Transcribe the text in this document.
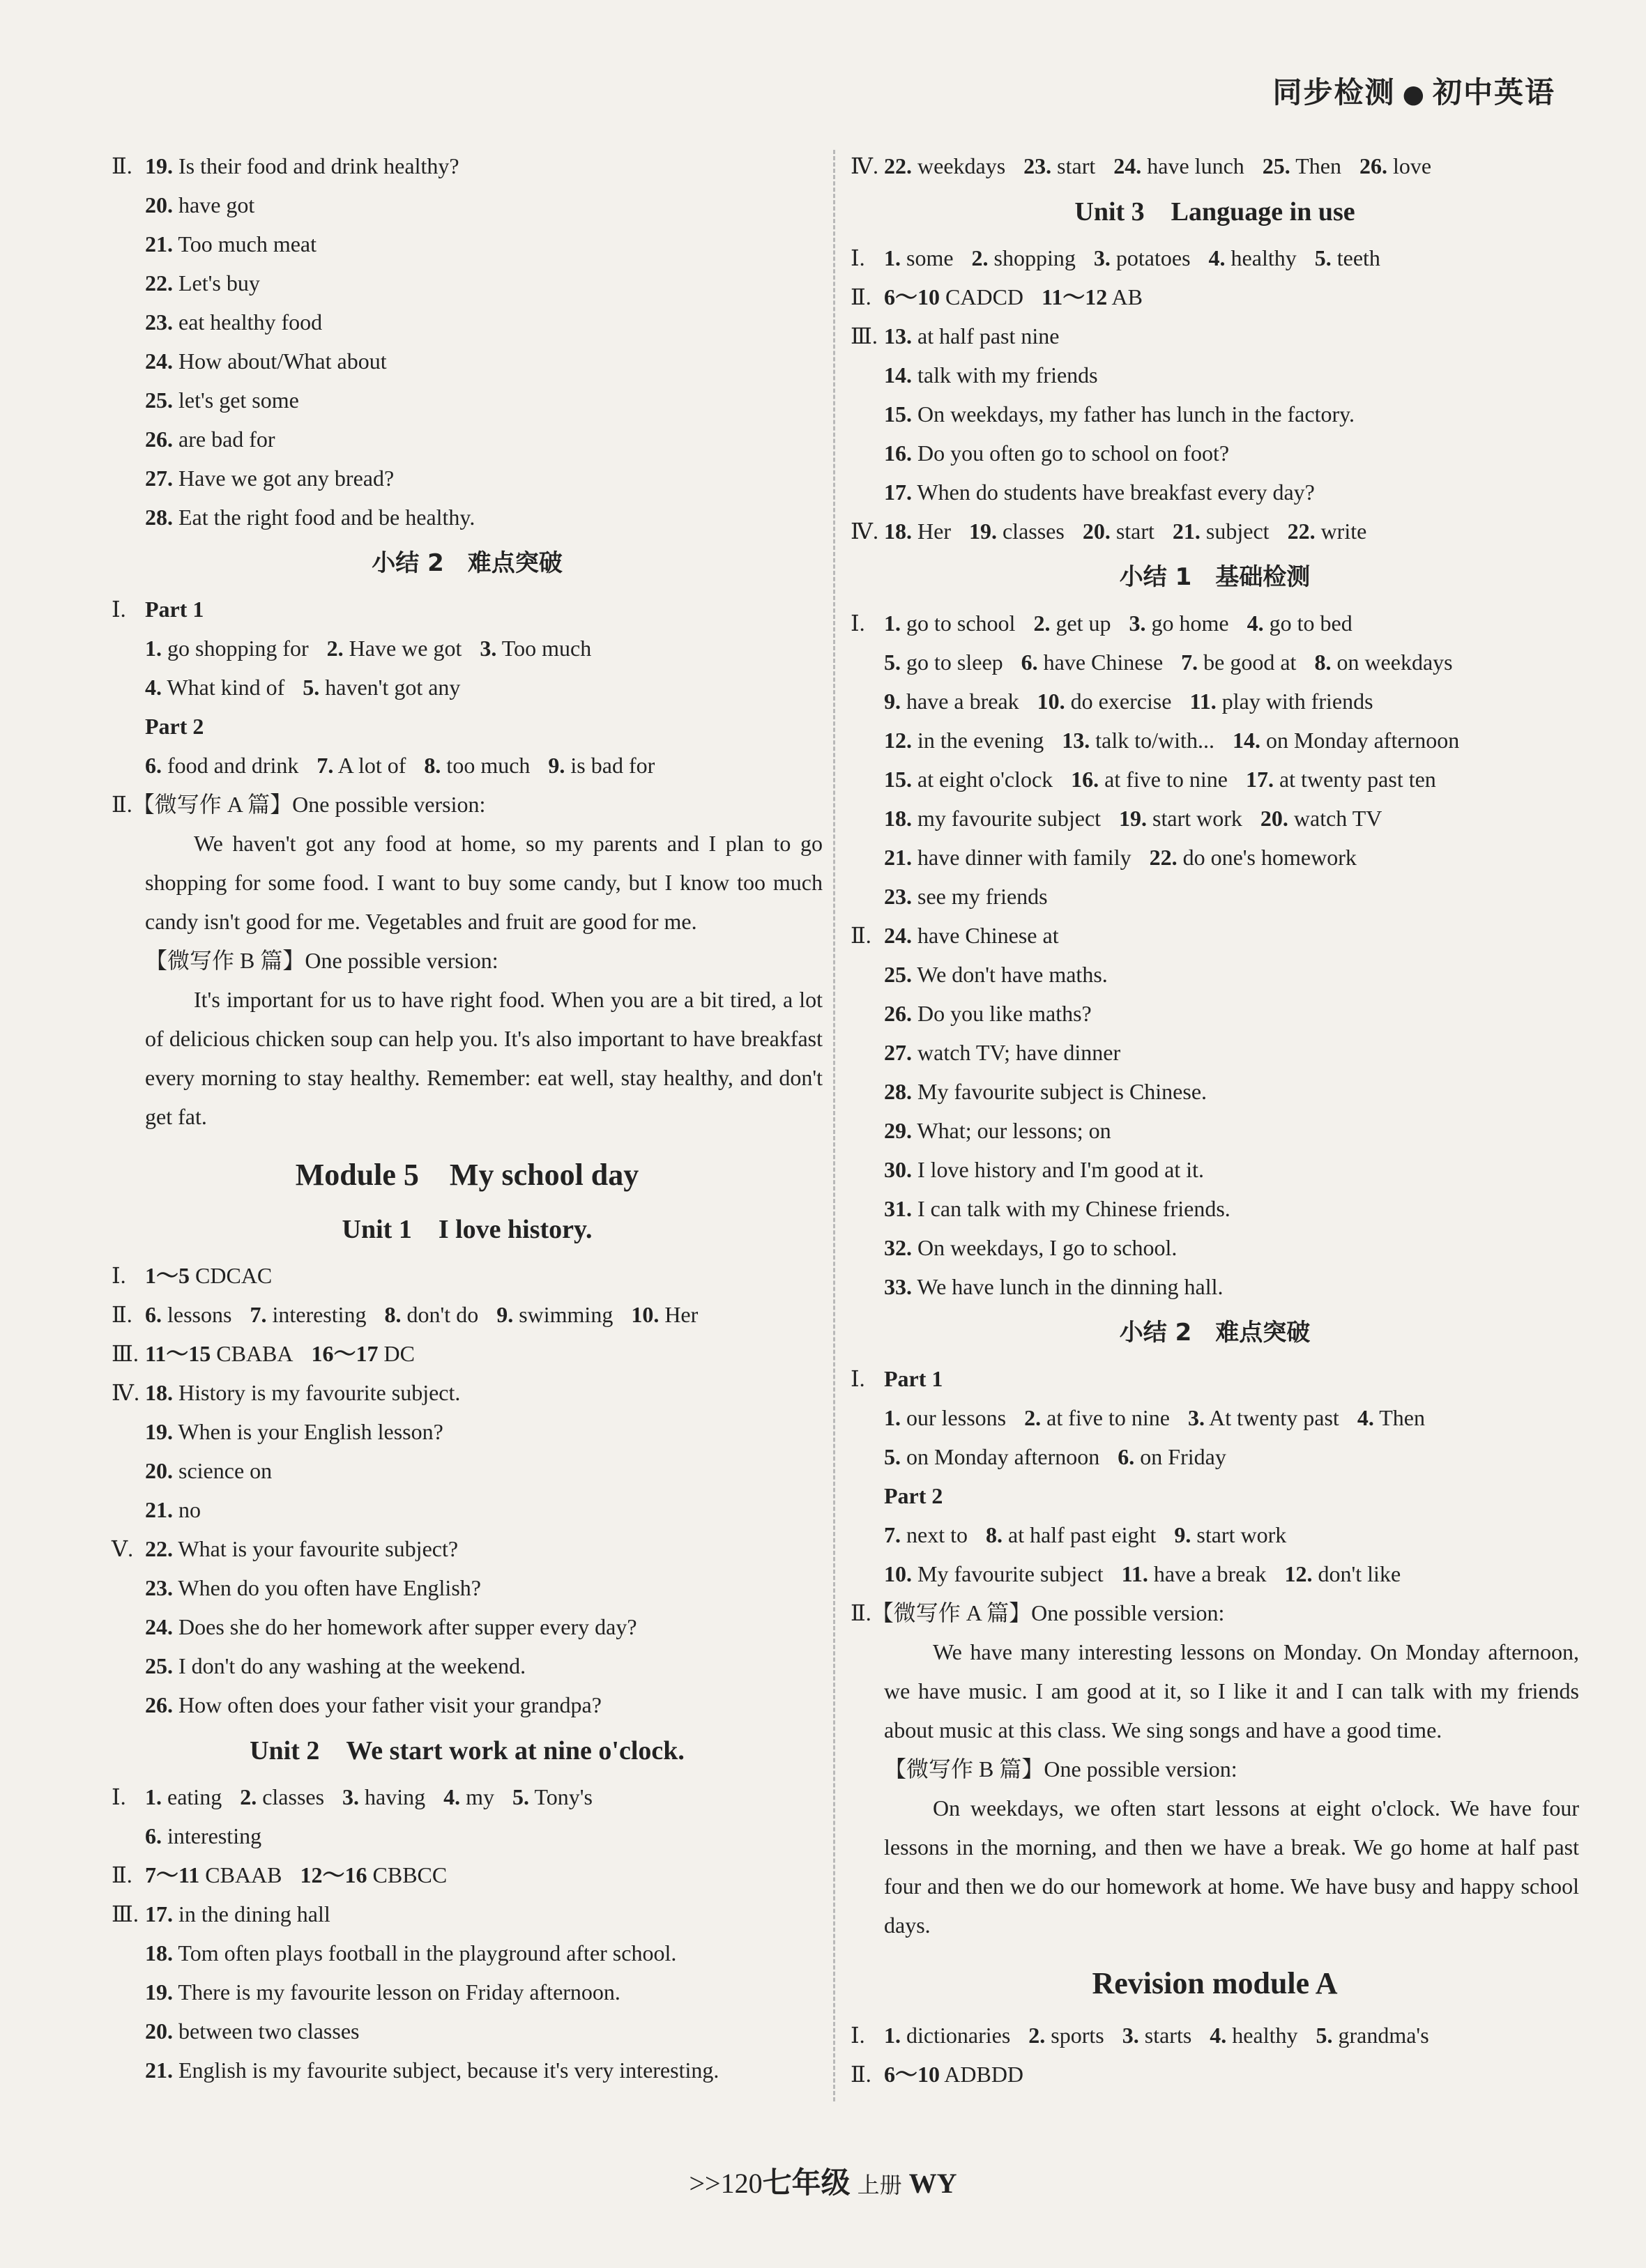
同步检测 ● 初中英语
Ⅱ. 19. Is their food and drink healthy?
20. have got
21. Too much meat
22. Let's buy
23. eat healthy food
24. How about/What about
25. let's get some
26. are bad for
27. Have we got any bread?
28. Eat the right food and be healthy.
小结 2　难点突破
Ⅰ. Part 1
1. go shopping for 2. Have we got 3. Too much
4. What kind of 5. haven't got any
Part 2
6. food and drink 7. A lot of 8. too much 9. is bad for
Ⅱ.【微写作 A 篇】One possible version:
We haven't got any food at home, so my parents and I plan to go shopping for some food. I want to buy some candy, but I know too much candy isn't good for me. Vegetables and fruit are good for me.
【微写作 B 篇】One possible version:
It's important for us to have right food. When you are a bit tired, a lot of delicious chicken soup can help you. It's also important to have breakfast every morning to stay healthy. Remember: eat well, stay healthy, and don't get fat.
Module 5　My school day
Unit 1　I love history.
Ⅰ. 1～5 CDCAC
Ⅱ. 6. lessons 7. interesting 8. don't do 9. swimming 10. Her
Ⅲ. 11～15 CBABA 16～17 DC
Ⅳ. 18. History is my favourite subject.
19. When is your English lesson?
20. science on
21. no
Ⅴ. 22. What is your favourite subject?
23. When do you often have English?
24. Does she do her homework after supper every day?
25. I don't do any washing at the weekend.
26. How often does your father visit your grandpa?
Unit 2　We start work at nine o'clock.
Ⅰ. 1. eating 2. classes 3. having 4. my 5. Tony's
6. interesting
Ⅱ. 7～11 CBAAB 12～16 CBBCC
Ⅲ. 17. in the dining hall
18. Tom often plays football in the playground after school.
19. There is my favourite lesson on Friday afternoon.
20. between two classes
21. English is my favourite subject, because it's very interesting.
Ⅳ. 22. weekdays 23. start 24. have lunch 25. Then 26. love
Unit 3　Language in use
Ⅰ. 1. some 2. shopping 3. potatoes 4. healthy 5. teeth
Ⅱ. 6～10 CADCD 11～12 AB
Ⅲ. 13. at half past nine
14. talk with my friends
15. On weekdays, my father has lunch in the factory.
16. Do you often go to school on foot?
17. When do students have breakfast every day?
Ⅳ. 18. Her 19. classes 20. start 21. subject 22. write
小结 1　基础检测
Ⅰ. 1. go to school 2. get up 3. go home 4. go to bed
5. go to sleep 6. have Chinese 7. be good at 8. on weekdays
9. have a break 10. do exercise 11. play with friends
12. in the evening 13. talk to/with... 14. on Monday afternoon
15. at eight o'clock 16. at five to nine 17. at twenty past ten
18. my favourite subject 19. start work 20. watch TV
21. have dinner with family 22. do one's homework
23. see my friends
Ⅱ. 24. have Chinese at
25. We don't have maths.
26. Do you like maths?
27. watch TV; have dinner
28. My favourite subject is Chinese.
29. What; our lessons; on
30. I love history and I'm good at it.
31. I can talk with my Chinese friends.
32. On weekdays, I go to school.
33. We have lunch in the dinning hall.
小结 2　难点突破
Ⅰ. Part 1
1. our lessons 2. at five to nine 3. At twenty past 4. Then
5. on Monday afternoon 6. on Friday
Part 2
7. next to 8. at half past eight 9. start work
10. My favourite subject 11. have a break 12. don't like
Ⅱ.【微写作 A 篇】One possible version:
We have many interesting lessons on Monday. On Monday afternoon, we have music. I am good at it, so I like it and I can talk with my friends about music at this class. We sing songs and have a good time.
【微写作 B 篇】One possible version:
On weekdays, we often start lessons at eight o'clock. We have four lessons in the morning, and then we have a break. We go home at half past four and then we do our homework at home. We have busy and happy school days.
Revision module A
Ⅰ. 1. dictionaries 2. sports 3. starts 4. healthy 5. grandma's
Ⅱ. 6～10 ADBDD
>>120七年级 上册 WY
